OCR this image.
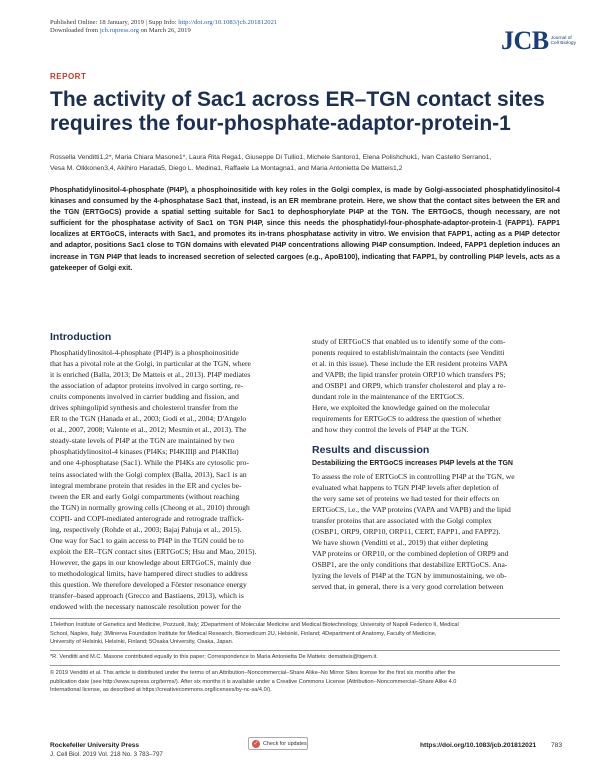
Published Online: 18 January, 2019 | Supp Info: http://doi.org/10.1083/jcb.201812021
Downloaded from jcb.rupress.org on March 26, 2019	JCB Journal of
Cell Biology
REPORT
The activity of Sac1 across ER–TGN contact sites
requires the four-phosphate-adaptor-protein-1
Rossella Venditti1,2*, Maria Chiara Masone1*, Laura Rita Rega1, Giuseppe Di Tullio1, Michele Santoro1, Elena Polishchuk1, Ivan Castello Serrano1,
Vesa M. Olkkonen3,4, Akihiro Harada5, Diego L. Medina1, Raffaele La Montagna1, and Maria Antonietta De Matteis1,2
Phosphatidylinositol-4-phosphate (PI4P), a phosphoinositide with key roles in the Golgi complex, is made by Golgi-associated phosphatidylinositol-4 kinases and consumed by the 4-phosphatase Sac1 that, instead, is an ER membrane protein. Here, we show that the contact sites between the ER and the TGN (ERTGoCS) provide a spatial setting suitable for Sac1 to dephosphorylate PI4P at the TGN. The ERTGoCS, though necessary, are not sufficient for the phosphatase activity of Sac1 on TGN PI4P, since this needs the phosphatidyl-four-phosphate-adaptor-protein-1 (FAPP1). FAPP1 localizes at ERTGoCS, interacts with Sac1, and promotes its in-trans phosphatase activity in vitro. We envision that FAPP1, acting as a PI4P detector and adaptor, positions Sac1 close to TGN domains with elevated PI4P concentrations allowing PI4P consumption. Indeed, FAPP1 depletion induces an increase in TGN PI4P that leads to increased secretion of selected cargoes (e.g., ApoB100), indicating that FAPP1, by controlling PI4P levels, acts as a gatekeeper of Golgi exit.
Introduction
Phosphatidylinositol-4-phosphate (PI4P) is a phosphoinositide
that has a pivotal role at the Golgi, in particular at the TGN, where
it is enriched (Balla, 2013; De Matteis et al., 2013). PI4P mediates
the association of adaptor proteins involved in cargo sorting, re-
cruits components involved in carrier budding and fission, and
drives sphingolipid synthesis and cholesterol transfer from the
ER to the TGN (Hanada et al., 2003; Godi et al., 2004; D'Angelo
et al., 2007, 2008; Valente et al., 2012; Mesmin et al., 2013). The
steady-state levels of PI4P at the TGN are maintained by two
phosphatidylinositol-4 kinases (PI4Ks; PI4KIIIβ and PI4KIIα)
and one 4-phosphatase (Sac1). While the PI4Ks are cytosolic pro-
teins associated with the Golgi complex (Balla, 2013), Sac1 is an
integral membrane protein that resides in the ER and cycles be-
tween the ER and early Golgi compartments (without reaching
the TGN) in normally growing cells (Cheong et al., 2010) through
COPII- and COPI-mediated anterograde and retrograde traffick-
ing, respectively (Rohde et al., 2003; Bajaj Pahuja et al., 2015).
One way for Sac1 to gain access to PI4P in the TGN could be to
exploit the ER–TGN contact sites (ERTGoCS; Hsu and Mao, 2015).
However, the gaps in our knowledge about ERTGoCS, mainly due
to methodological limits, have hampered direct studies to address
this question. We therefore developed a Förster resonance energy
transfer–based approach (Grecco and Bastiaens, 2013), which is
endowed with the necessary nanoscale resolution power for the
study of ERTGoCS that enabled us to identify some of the com-
ponents required to establish/maintain the contacts (see Venditti
et al. in this issue). These include the ER resident proteins VAPA
and VAPB; the lipid transfer protein ORP10 which transfers PS;
and OSBP1 and ORP9, which transfer cholesterol and play a re-
dundant role in the maintenance of the ERTGoCS.
Here, we exploited the knowledge gained on the molecular
requirements for ERTGoCS to address the question of whether
and how they control the levels of PI4P at the TGN.
Results and discussion
Destabilizing the ERTGoCS increases PI4P levels at the TGN
To assess the role of ERTGoCS in controlling PI4P at the TGN, we
evaluated what happens to TGN PI4P levels after depletion of
the very same set of proteins we had tested for their effects on
ERTGoCS, i.e., the VAP proteins (VAPA and VAPB) and the lipid
transfer proteins that are associated with the Golgi complex
(OSBP1, ORP9, ORP10, ORP11, CERT, FAPP1, and FAPP2).
We have shown (Venditti et al., 2019) that either depleting
VAP proteins or ORP10, or the combined depletion of ORP9 and
OSBP1, are the only conditions that destabilize ERTGoCS. Ana-
lyzing the levels of PI4P at the TGN by immunostaining, we ob-
served that, in general, there is a very good correlation between
1Telethon Institute of Genetics and Medicine, Pozzuoli, Italy; 2Department of Molecular Medicine and Medical Biotechnology, University of Napoli Federico II, Medical
School, Naples, Italy; 3Minerva Foundation Institute for Medical Research, Biomedicum 2U, Helsinki, Finland; 4Department of Anatomy, Faculty of Medicine,
University of Helsinki, Helsinki, Finland; 5Osaka University, Osaka, Japan.
*R. Venditti and M.C. Masone contributed equally to this paper; Correspondence to Maria Antonietta De Matteis: dematteis@tigem.it.
© 2019 Venditti et al. This article is distributed under the terms of an Attribution–Noncommercial–Share Alike–No Mirror Sites license for the first six months after the
publication date (see http://www.rupress.org/terms/). After six months it is available under a Creative Commons License (Attribution–Noncommercial–Share Alike 4.0
International license, as described at https://creativecommons.org/licenses/by-nc-sa/4.0/).
Rockefeller University Press
J. Cell Biol. 2019 Vol. 218 No. 3 783–797
✓ Check for updates	https://doi.org/10.1083/jcb.201812021 783
